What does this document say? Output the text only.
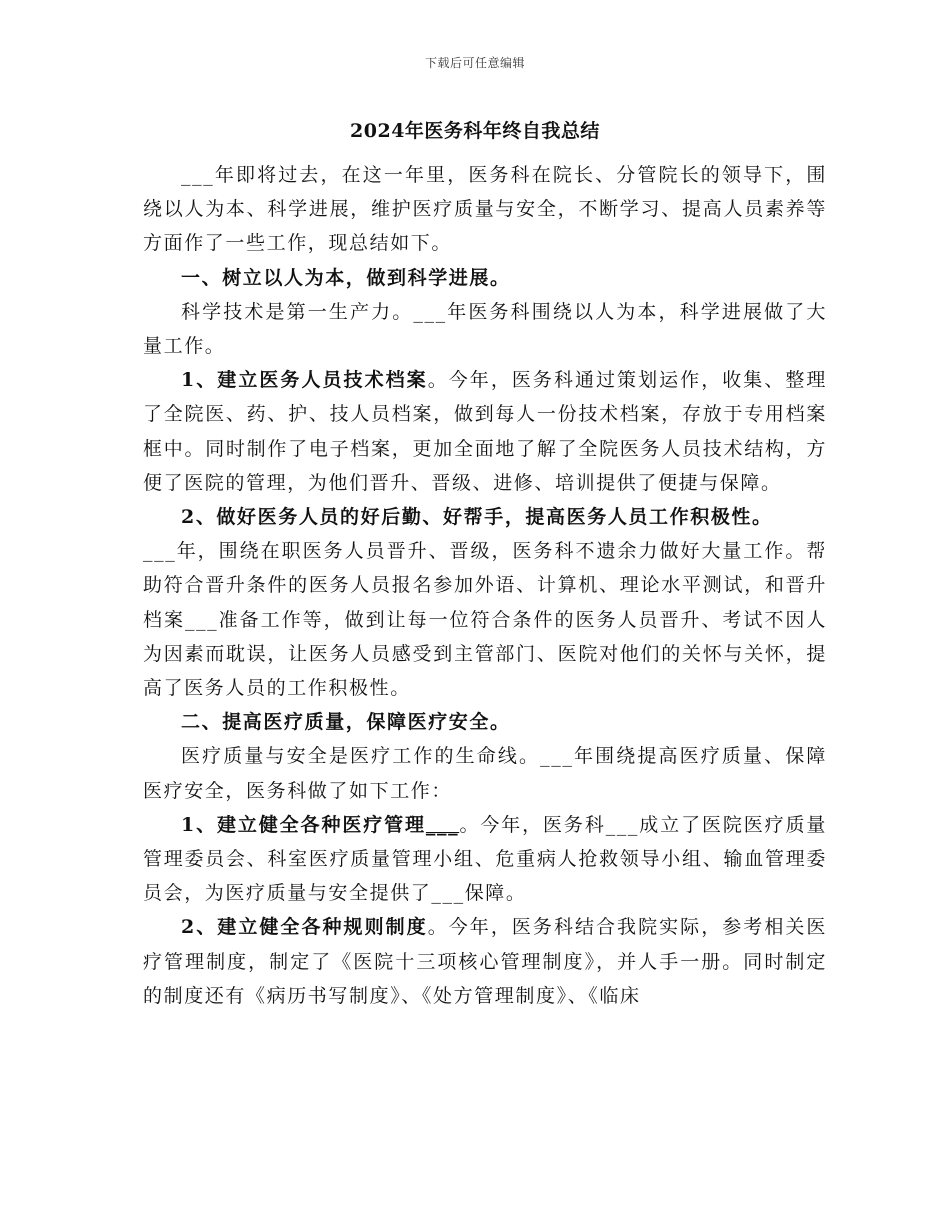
下载后可任意编辑
2024年医务科年终自我总结

___年即将过去，在这一年里，医务科在院长、分管院长的领导下，围绕以人为本、科学进展，维护医疗质量与安全，不断学习、提高人员素养等方面作了一些工作，现总结如下。

一、树立以人为本，做到科学进展。

科学技术是第一生产力。___年医务科围绕以人为本，科学进展做了大量工作。

1、建立医务人员技术档案。今年，医务科通过策划运作，收集、整理了全院医、药、护、技人员档案，做到每人一份技术档案，存放于专用档案框中。同时制作了电子档案，更加全面地了解了全院医务人员技术结构，方便了医院的管理，为他们晋升、晋级、进修、培训提供了便捷与保障。

2、做好医务人员的好后勤、好帮手，提高医务人员工作积极性。

___年，围绕在职医务人员晋升、晋级，医务科不遗余力做好大量工作。帮助符合晋升条件的医务人员报名参加外语、计算机、理论水平测试，和晋升档案___准备工作等，做到让每一位符合条件的医务人员晋升、考试不因人为因素而耽误，让医务人员感受到主管部门、医院对他们的关怀与关怀，提高了医务人员的工作积极性。

二、提高医疗质量，保障医疗安全。

医疗质量与安全是医疗工作的生命线。___年围绕提高医疗质量、保障医疗安全，医务科做了如下工作：

1、建立健全各种医疗管理___。今年，医务科___成立了医院医疗质量管理委员会、科室医疗质量管理小组、危重病人抢救领导小组、输血管理委员会，为医疗质量与安全提供了___保障。

2、建立健全各种规则制度。今年，医务科结合我院实际，参考相关医疗管理制度，制定了《医院十三项核心管理制度》，并人手一册。同时制定的制度还有《病历书写制度》、《处方管理制度》、《临床
